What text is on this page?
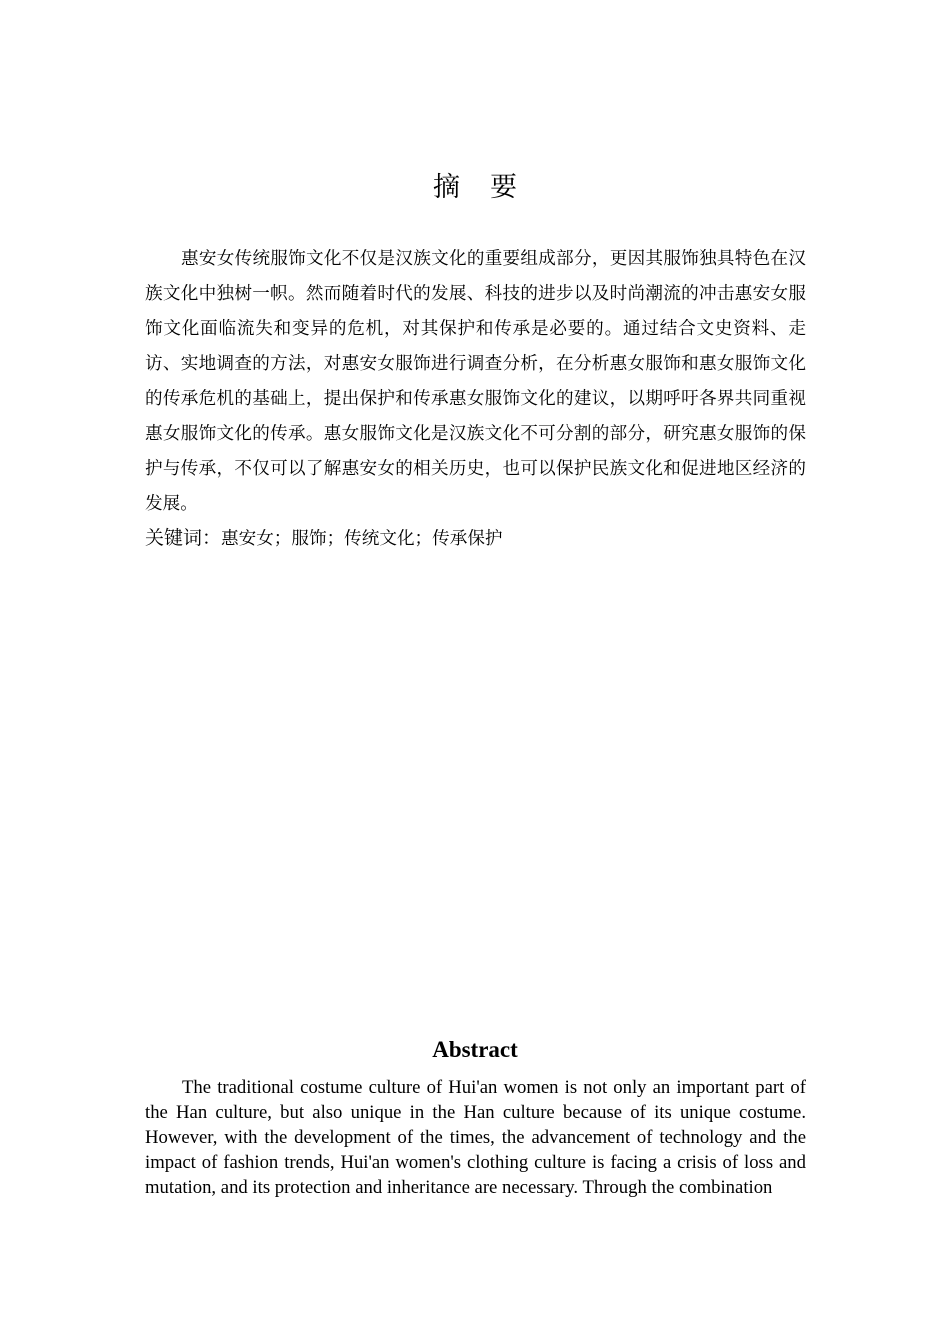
摘要

惠安女传统服饰文化不仅是汉族文化的重要组成部分，更因其服饰独具特色在汉族文化中独树一帜。然而随着时代的发展、科技的进步以及时尚潮流的冲击惠安女服饰文化面临流失和变异的危机，对其保护和传承是必要的。通过结合文史资料、走访、实地调查的方法，对惠安女服饰进行调查分析，在分析惠女服饰和惠女服饰文化的传承危机的基础上，提出保护和传承惠女服饰文化的建议，以期呼吁各界共同重视惠女服饰文化的传承。惠女服饰文化是汉族文化不可分割的部分，研究惠女服饰的保护与传承，不仅可以了解惠安女的相关历史，也可以保护民族文化和促进地区经济的发展。

关键词：惠安女；服饰；传统文化；传承保护
Abstract

The traditional costume culture of Hui'an women is not only an important part of the Han culture, but also unique in the Han culture because of its unique costume. However, with the development of the times, the advancement of technology and the impact of fashion trends, Hui'an women's clothing culture is facing a crisis of loss and mutation, and its protection and inheritance are necessary. Through the combination
